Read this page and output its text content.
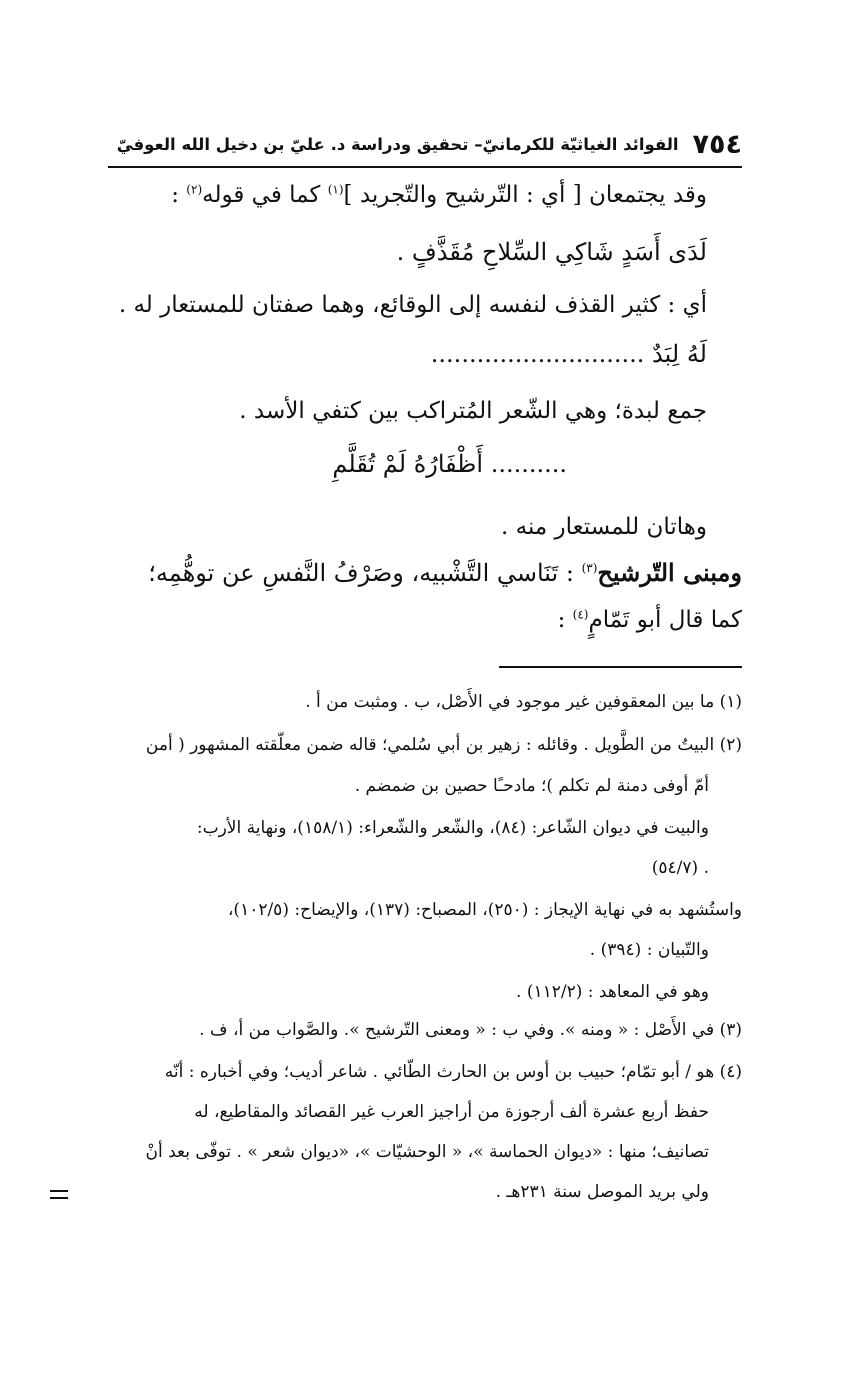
٧٥٤
الفوائد الغياثيّة للكرمانيّ– تحقيق ودراسة د. عليّ بن دخيل الله العوفيّ
وقد يجتمعان [ أي : التّرشيح والتّجريد ]$^{(١)}$ كما في قوله$^{(٢)}$ :
لَدَى أَسَدٍ شَاكِي السِّلاحِ مُقَذَّفٍ .
أي : كثير القذف لنفسه إلى الوقائع، وهما صفتان للمستعار له .
لَهُ لِبَدٌ ............................
جمع لبدة؛ وهي الشّعر المُتراكب بين كتفي الأسد .
.......... أَظْفَارُهُ لَمْ تُقَلَّمِ
وهاتان للمستعار منه .
ومبنى التّرشيح$^{(٣)}$ : تَنَاسي التَّشْبيه، وصَرْفُ النَّفسِ عن توهُّمِه؛
كما قال أبو تَمّامٍ$^{(٤)}$ :
(١) ما بين المعقوفين غير موجود في الأَصْل، ب . ومثبت من أ .
(٢) البيتُ من الطَّويل . وقائله : زهير بن أبي سُلمي؛ قاله ضمن معلّقته المشهور ( أمن
أمّ أوفى دمنة لم تكلم )؛ مادحـًا حصين بن ضمضم .
والبيت في ديوان الشّاعر: (٨٤)، والشّعر والشّعراء: (١٥٨/١)، ونهاية الأرب:
. (٥٤/٧)
واستُشهد به في نهاية الإيجاز : (٢٥٠)، المصباح: (١٣٧)، والإيضاح: (١٠٢/٥)،
والتّبيان : (٣٩٤) .
وهو في المعاهد : (١١٢/٢) .
(٣) في الأَصْل : « ومنه ». وفي ب : « ومعنى التّرشيح ». والصَّواب من أ، ف .
(٤) هو / أبو تمّام؛ حبيب بن أوس بن الحارث الطّائي . شاعر أديب؛ وفي أخباره : أنّه
حفظ أربع عشرة ألف أرجوزة من أراجيز العرب غير القصائد والمقاطيع، له
تصانيف؛ منها : «ديوان الحماسة »، « الوحشيّات »، «ديوان شعر » . توفّى بعد أنْ
ولي بريد الموصل سنة ٢٣١هـ .
